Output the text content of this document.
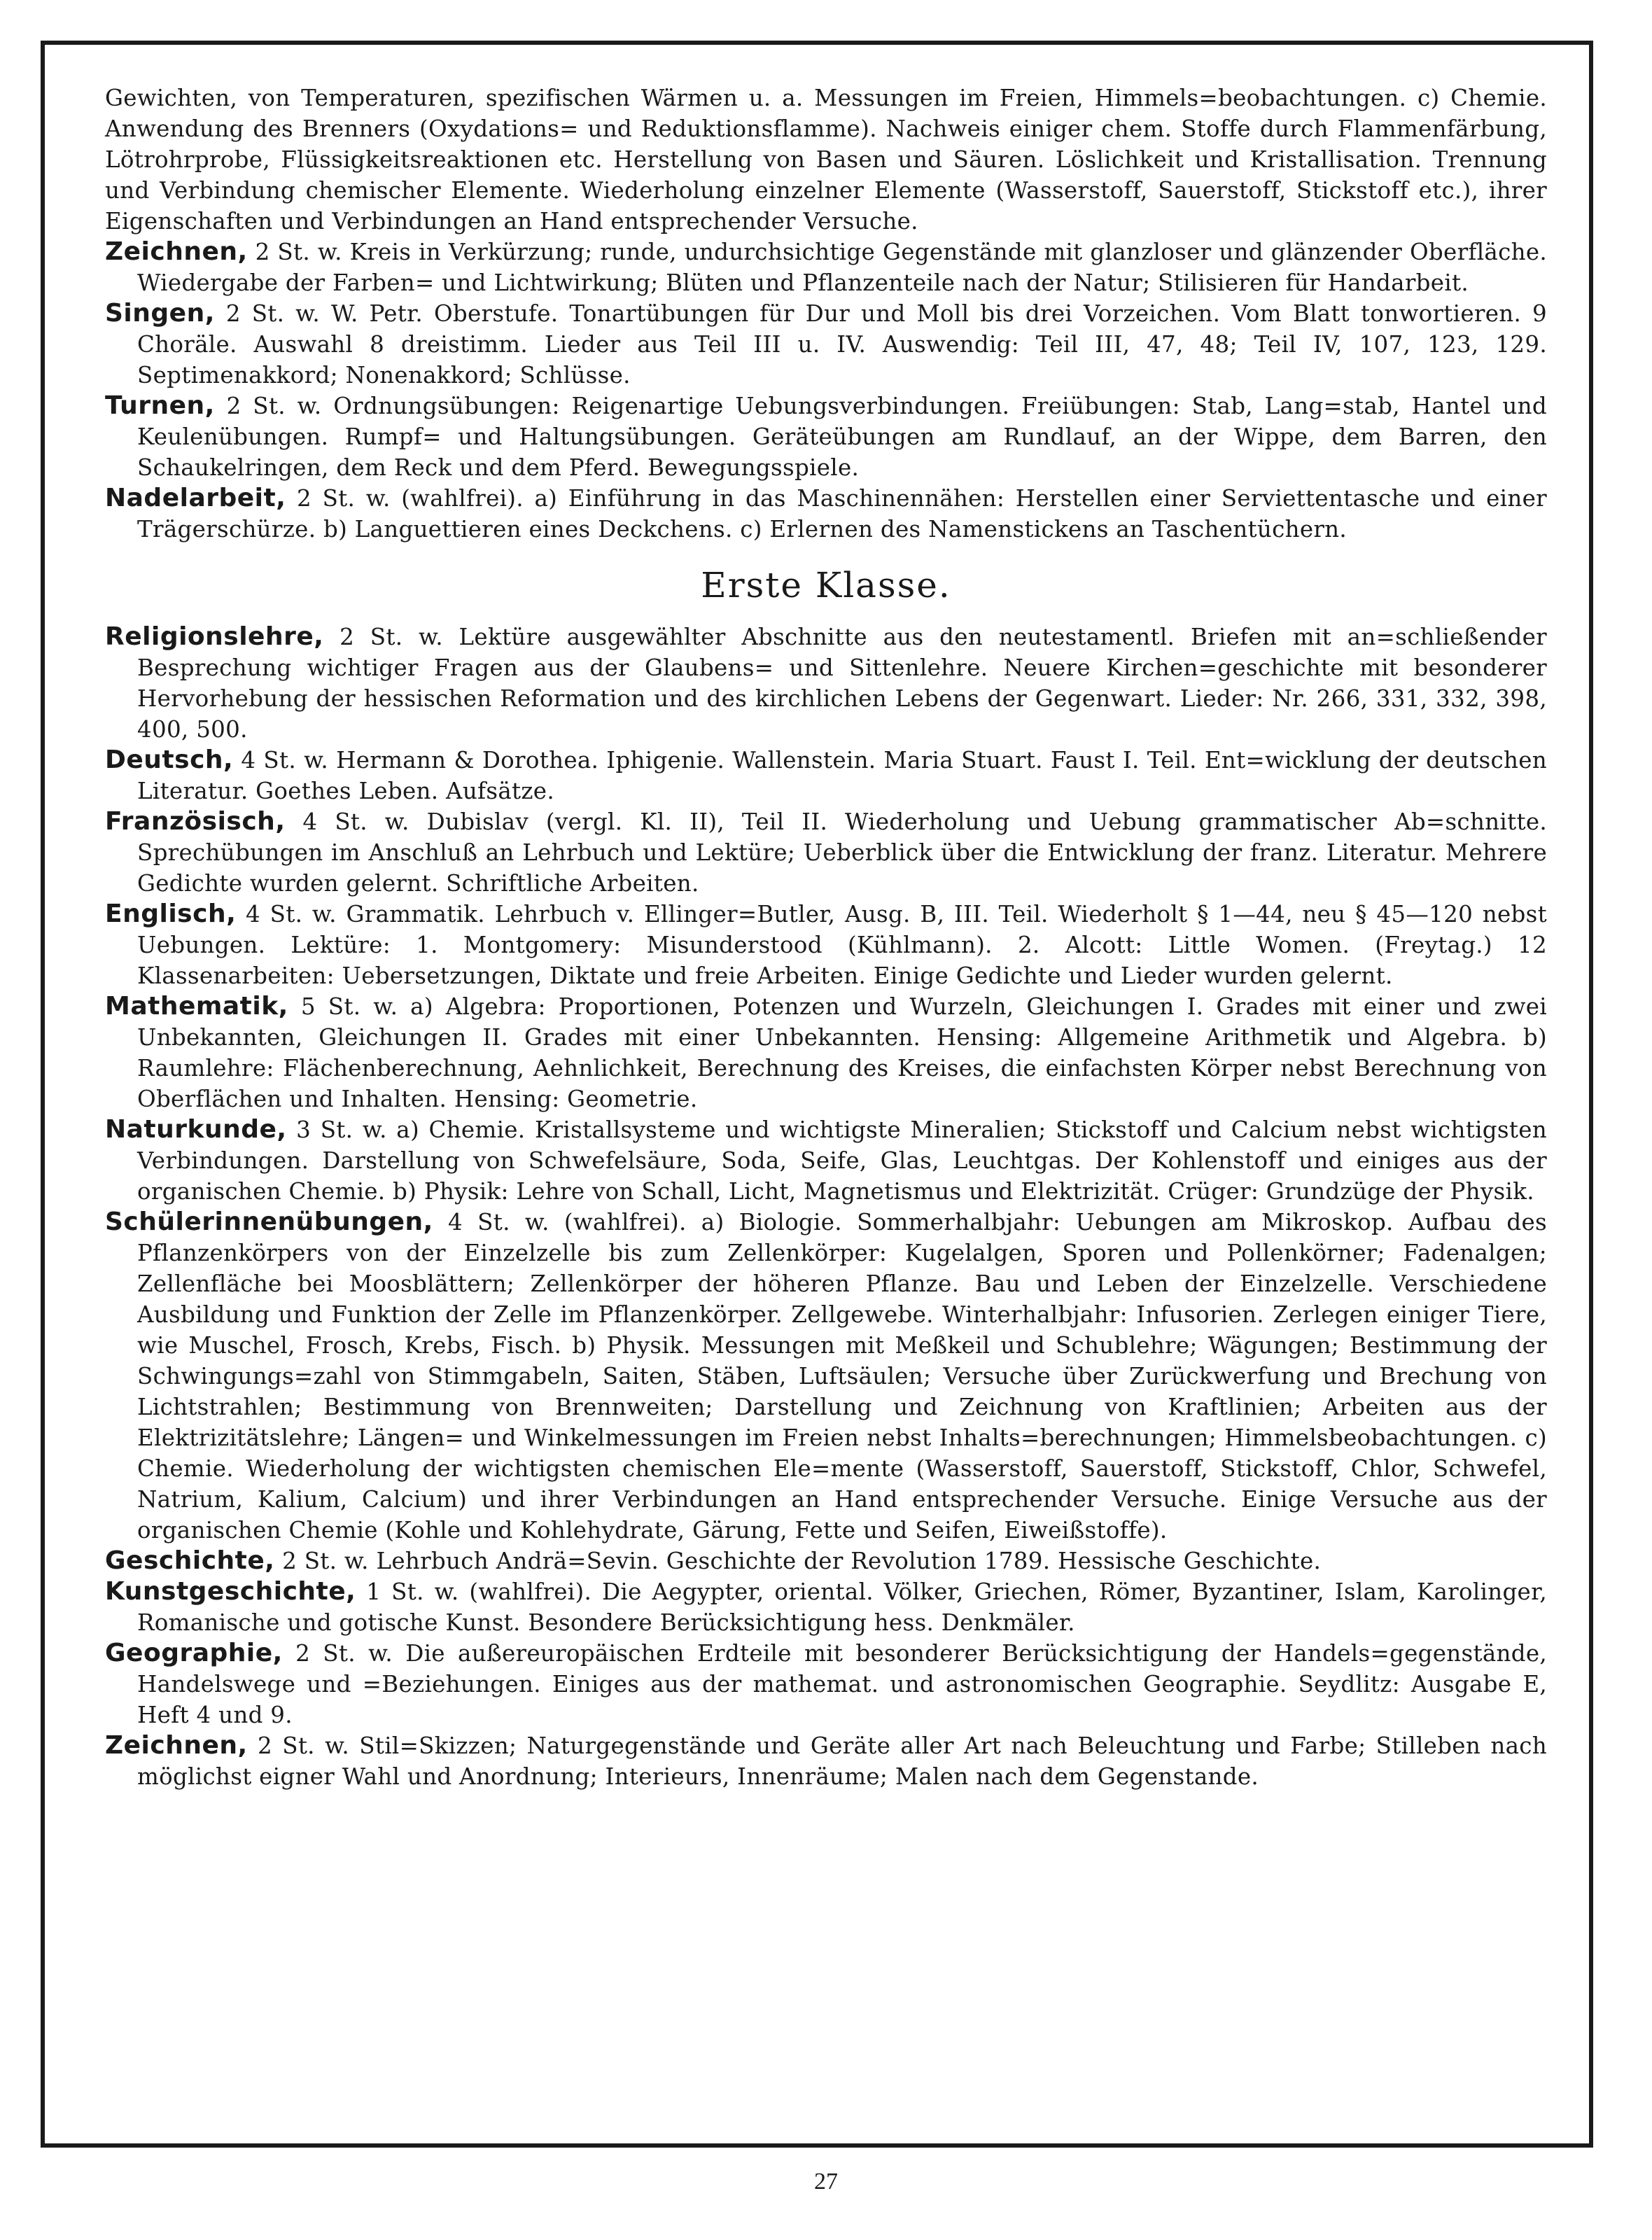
Gewichten, von Temperaturen, spezifischen Wärmen u. a. Messungen im Freien, Himmels=beobachtungen. c) Chemie. Anwendung des Brenners (Oxydations= und Reduktionsflamme). Nachweis einiger chem. Stoffe durch Flammenfärbung, Lötrohrprobe, Flüssigkeitsreaktionen etc. Herstellung von Basen und Säuren. Löslichkeit und Kristallisation. Trennung und Verbindung chemischer Elemente. Wiederholung einzelner Elemente (Wasserstoff, Sauerstoff, Stickstoff etc.), ihrer Eigenschaften und Verbindungen an Hand entsprechender Versuche.

Zeichnen, 2 St. w. Kreis in Verkürzung; runde, undurchsichtige Gegenstände mit glanzloser und glänzender Oberfläche. Wiedergabe der Farben= und Lichtwirkung; Blüten und Pflanzenteile nach der Natur; Stilisieren für Handarbeit.

Singen, 2 St. w. W. Petr. Oberstufe. Tonartübungen für Dur und Moll bis drei Vorzeichen. Vom Blatt tonwortieren. 9 Choräle. Auswahl 8 dreistimm. Lieder aus Teil III u. IV. Auswendig: Teil III, 47, 48; Teil IV, 107, 123, 129. Septimenakkord; Nonenakkord; Schlüsse.

Turnen, 2 St. w. Ordnungsübungen: Reigenartige Uebungsverbindungen. Freiübungen: Stab, Lang=stab, Hantel und Keulenübungen. Rumpf= und Haltungsübungen. Geräteübungen am Rundlauf, an der Wippe, dem Barren, den Schaukelringen, dem Reck und dem Pferd. Bewegungsspiele.

Nadelarbeit, 2 St. w. (wahlfrei). a) Einführung in das Maschinennähen: Herstellen einer Serviettentasche und einer Trägerschürze. b) Languettieren eines Deckchens. c) Erlernen des Namenstickens an Taschentüchern.

Erste Klasse.

Religionslehre, 2 St. w. Lektüre ausgewählter Abschnitte aus den neutestamentl. Briefen mit an=schließender Besprechung wichtiger Fragen aus der Glaubens= und Sittenlehre. Neuere Kirchen=geschichte mit besonderer Hervorhebung der hessischen Reformation und des kirchlichen Lebens der Gegenwart. Lieder: Nr. 266, 331, 332, 398, 400, 500.

Deutsch, 4 St. w. Hermann & Dorothea. Iphigenie. Wallenstein. Maria Stuart. Faust I. Teil. Ent=wicklung der deutschen Literatur. Goethes Leben. Aufsätze.

Französisch, 4 St. w. Dubislav (vergl. Kl. II), Teil II. Wiederholung und Uebung grammatischer Ab=schnitte. Sprechübungen im Anschluß an Lehrbuch und Lektüre; Ueberblick über die Entwicklung der franz. Literatur. Mehrere Gedichte wurden gelernt. Schriftliche Arbeiten.

Englisch, 4 St. w. Grammatik. Lehrbuch v. Ellinger=Butler, Ausg. B, III. Teil. Wiederholt § 1—44, neu § 45—120 nebst Uebungen. Lektüre: 1. Montgomery: Misunderstood (Kühlmann). 2. Alcott: Little Women. (Freytag.) 12 Klassenarbeiten: Uebersetzungen, Diktate und freie Arbeiten. Einige Gedichte und Lieder wurden gelernt.

Mathematik, 5 St. w. a) Algebra: Proportionen, Potenzen und Wurzeln, Gleichungen I. Grades mit einer und zwei Unbekannten, Gleichungen II. Grades mit einer Unbekannten. Hensing: Allgemeine Arithmetik und Algebra. b) Raumlehre: Flächenberechnung, Aehnlichkeit, Berechnung des Kreises, die einfachsten Körper nebst Berechnung von Oberflächen und Inhalten. Hensing: Geometrie.

Naturkunde, 3 St. w. a) Chemie. Kristallsysteme und wichtigste Mineralien; Stickstoff und Calcium nebst wichtigsten Verbindungen. Darstellung von Schwefelsäure, Soda, Seife, Glas, Leuchtgas. Der Kohlenstoff und einiges aus der organischen Chemie. b) Physik: Lehre von Schall, Licht, Magnetismus und Elektrizität. Crüger: Grundzüge der Physik.

Schülerinnenübungen, 4 St. w. (wahlfrei). a) Biologie. Sommerhalbjahr: Uebungen am Mikroskop. Aufbau des Pflanzenkörpers von der Einzelzelle bis zum Zellenkörper: Kugelalgen, Sporen und Pollenkörner; Fadenalgen; Zellenfläche bei Moosblättern; Zellenkörper der höheren Pflanze. Bau und Leben der Einzelzelle. Verschiedene Ausbildung und Funktion der Zelle im Pflanzenkörper. Zellgewebe. Winterhalbjahr: Infusorien. Zerlegen einiger Tiere, wie Muschel, Frosch, Krebs, Fisch. b) Physik. Messungen mit Meßkeil und Schublehre; Wägungen; Bestimmung der Schwingungs=zahl von Stimmgabeln, Saiten, Stäben, Luftsäulen; Versuche über Zurückwerfung und Brechung von Lichtstrahlen; Bestimmung von Brennweiten; Darstellung und Zeichnung von Kraftlinien; Arbeiten aus der Elektrizitätslehre; Längen= und Winkelmessungen im Freien nebst Inhalts=berechnungen; Himmelsbeobachtungen. c) Chemie. Wiederholung der wichtigsten chemischen Ele=mente (Wasserstoff, Sauerstoff, Stickstoff, Chlor, Schwefel, Natrium, Kalium, Calcium) und ihrer Verbindungen an Hand entsprechender Versuche. Einige Versuche aus der organischen Chemie (Kohle und Kohlehydrate, Gärung, Fette und Seifen, Eiweißstoffe).

Geschichte, 2 St. w. Lehrbuch Andrä=Sevin. Geschichte der Revolution 1789. Hessische Geschichte.

Kunstgeschichte, 1 St. w. (wahlfrei). Die Aegypter, oriental. Völker, Griechen, Römer, Byzantiner, Islam, Karolinger, Romanische und gotische Kunst. Besondere Berücksichtigung hess. Denkmäler.

Geographie, 2 St. w. Die außereuropäischen Erdteile mit besonderer Berücksichtigung der Handels=gegenstände, Handelswege und =Beziehungen. Einiges aus der mathemat. und astronomischen Geographie. Seydlitz: Ausgabe E, Heft 4 und 9.

Zeichnen, 2 St. w. Stil=Skizzen; Naturgegenstände und Geräte aller Art nach Beleuchtung und Farbe; Stilleben nach möglichst eigner Wahl und Anordnung; Interieurs, Innenräume; Malen nach dem Gegenstande.

27
